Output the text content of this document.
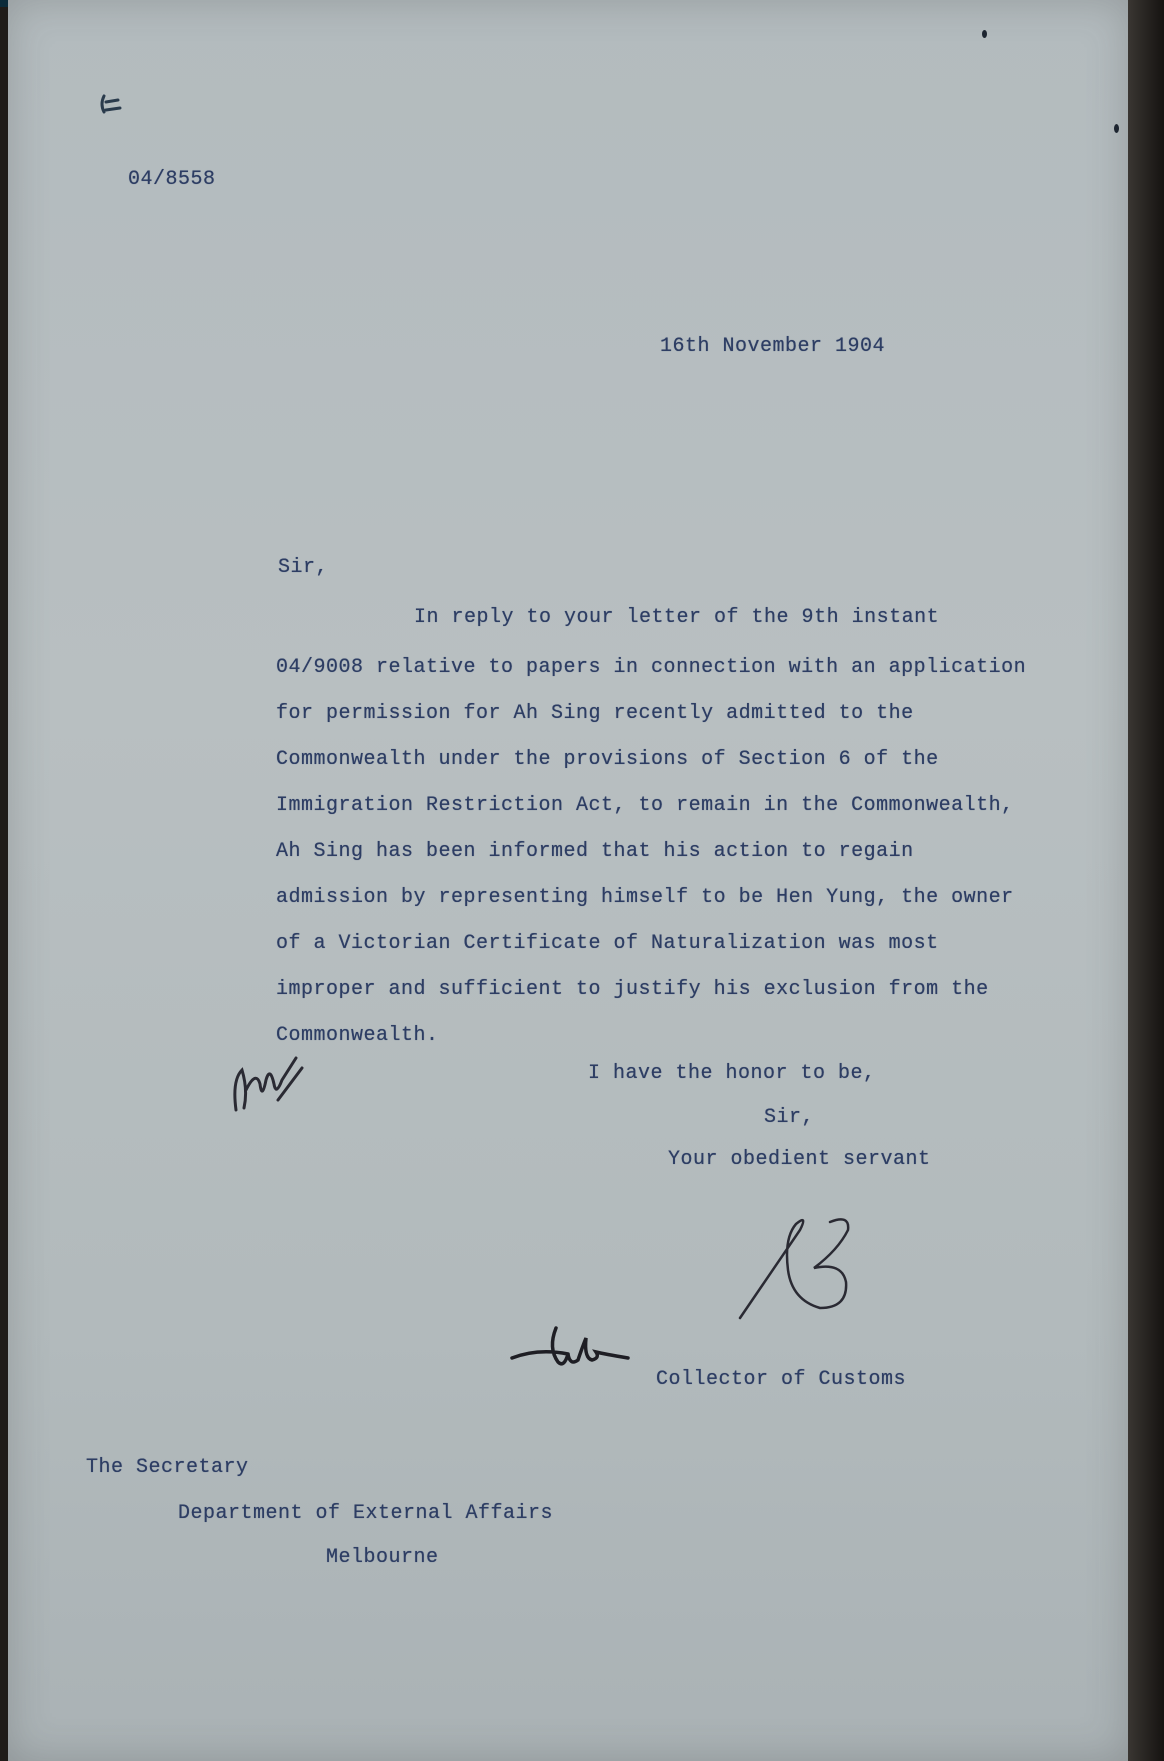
04/8558
16th November 1904
Sir,
In reply to your letter of the 9th instant
04/9008 relative to papers in connection with an application
for permission for Ah Sing recently admitted to the
Commonwealth under the provisions of Section 6 of the
Immigration Restriction Act, to remain in the Commonwealth,
Ah Sing has been informed that his action to regain
admission by representing himself to be Hen Yung, the owner
of a Victorian Certificate of Naturalization was most
improper and sufficient to justify his exclusion from the
Commonwealth.
I have the honor to be,
Sir,
Your obedient servant
Collector of Customs
The Secretary
Department of External Affairs
Melbourne
